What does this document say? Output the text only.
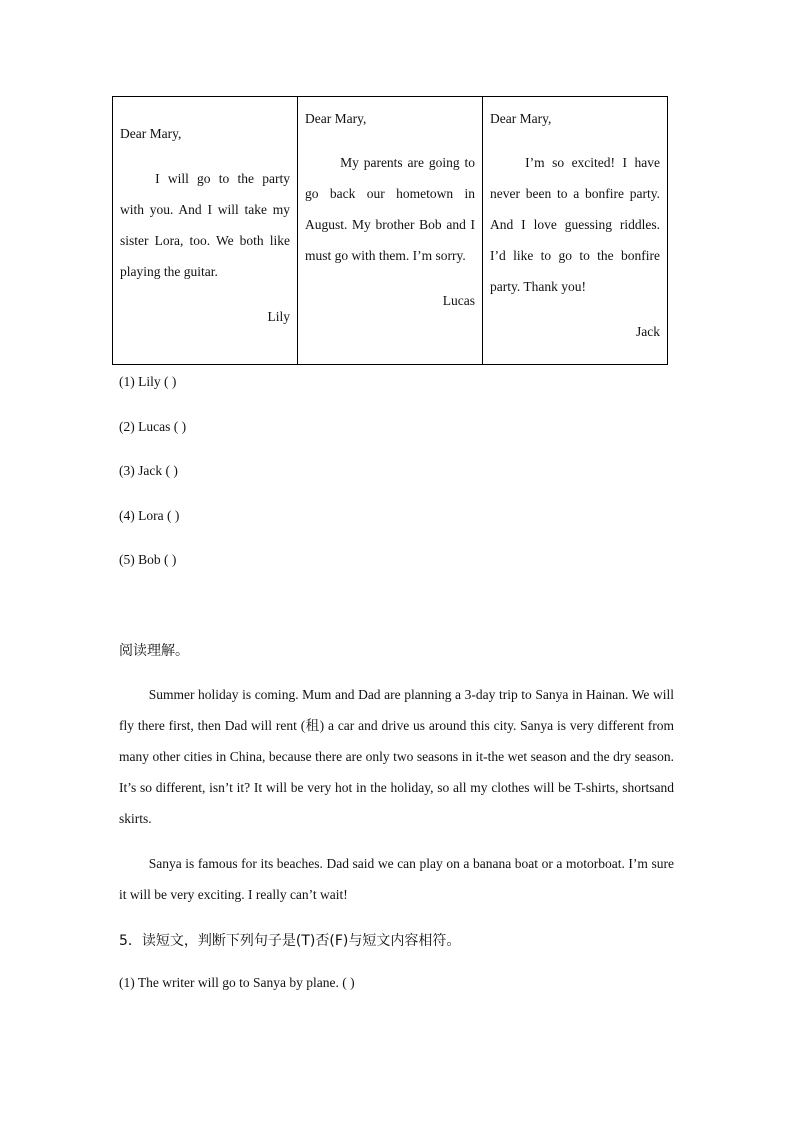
Dear Mary,
I will go to the party with you. And I will take my sister Lora, too. We both like playing the guitar.
Lily

Dear Mary,
My parents are going to go back our hometown in August. My brother Bob and I must go with them. I’m sorry.
Lucas

Dear Mary,
I’m so excited! I have never been to a bonfire party. And I love guessing riddles. I’d like to go to the bonfire party. Thank you!
Jack
(1) Lily ( )
(2) Lucas ( )
(3) Jack ( )
(4) Lora ( )
(5) Bob ( )
阅读理解。

Summer holiday is coming. Mum and Dad are planning a 3-day trip to Sanya in Hainan. We will fly there first, then Dad will rent (租) a car and drive us around this city. Sanya is very different from many other cities in China, because there are only two seasons in it-the wet season and the dry season. It’s so different, isn’t it? It will be very hot in the holiday, so all my clothes will be T-shirts, shortsand skirts.

Sanya is famous for its beaches. Dad said we can play on a banana boat or a motorboat. I’m sure it will be very exciting. I really can’t wait!

5．读短文，判断下列句子是(T)否(F)与短文内容相符。
(1) The writer will go to Sanya by plane. ( )
